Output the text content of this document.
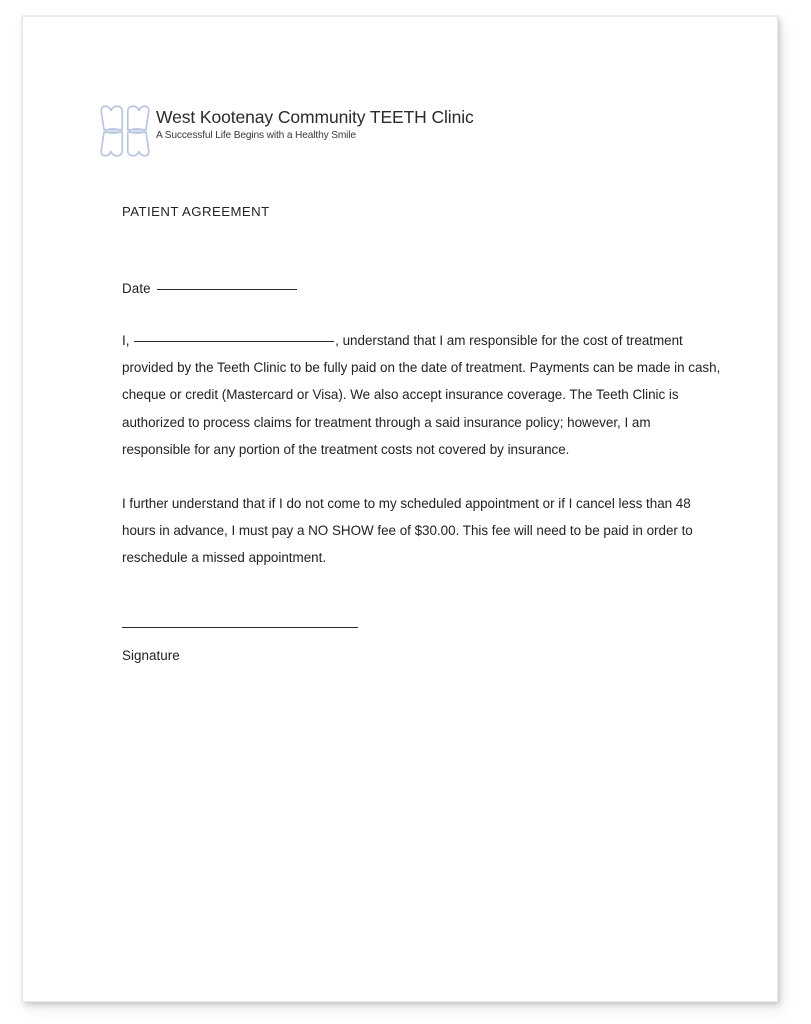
West Kootenay Community TEETH Clinic
A Successful Life Begins with a Healthy Smile
PATIENT AGREEMENT
Date

I,	, understand that I am responsible for the cost of treatment provided by the Teeth Clinic to be fully paid on the date of treatment. Payments can be made in cash, cheque or credit (Mastercard or Visa). We also accept insurance coverage. The Teeth Clinic is authorized to process claims for treatment through a said insurance policy; however, I am responsible for any portion of the treatment costs not covered by insurance.

I further understand that if I do not come to my scheduled appointment or if I cancel less than 48 hours in advance, I must pay a NO SHOW fee of $30.00. This fee will need to be paid in order to reschedule a missed appointment.

Signature
